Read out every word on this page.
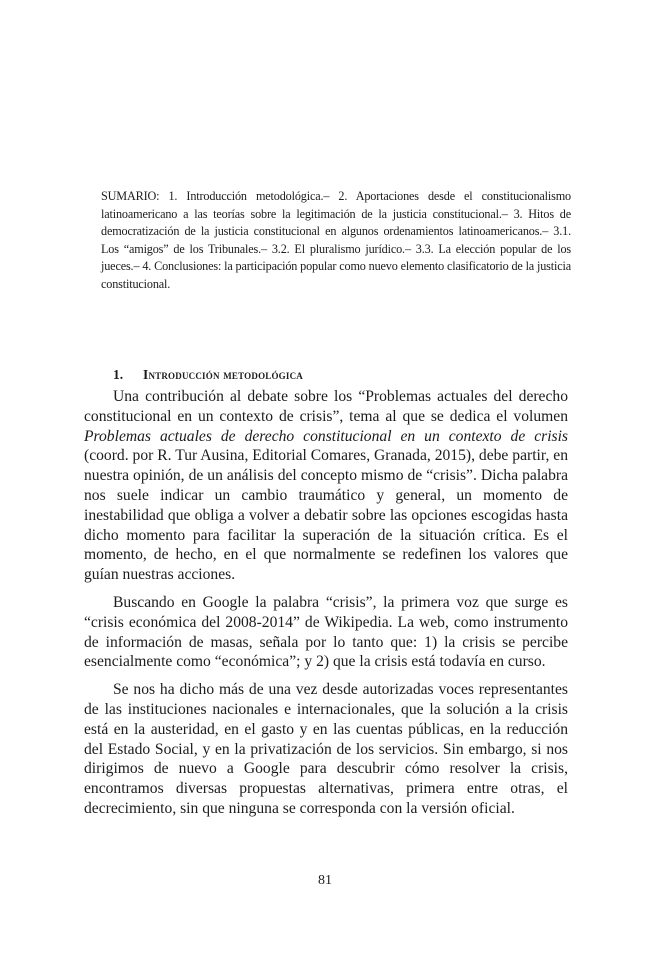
SUMARIO: 1. Introducción metodológica.– 2. Aportaciones desde el constitucionalismo latinoamericano a las teorías sobre la legitimación de la justicia constitucional.– 3. Hitos de democratización de la justicia constitucional en algunos ordenamientos latinoamericanos.– 3.1. Los “amigos” de los Tribunales.– 3.2. El pluralismo jurídico.– 3.3. La elección popular de los jueces.– 4. Conclusiones: la participación popular como nuevo elemento clasificatorio de la justicia constitucional.
1. Introducción metodológica

Una contribución al debate sobre los “Problemas actuales del derecho constitucional en un contexto de crisis”, tema al que se dedica el volumen Problemas actuales de derecho constitucional en un contexto de crisis (coord. por R. Tur Ausina, Editorial Comares, Granada, 2015), debe partir, en nuestra opinión, de un análisis del concepto mismo de “crisis”. Dicha palabra nos suele indicar un cambio traumático y general, un momento de inestabilidad que obliga a volver a debatir sobre las opciones escogidas hasta dicho momento para facilitar la superación de la situación crítica. Es el momento, de hecho, en el que normalmente se redefinen los valores que guían nuestras acciones.

Buscando en Google la palabra “crisis”, la primera voz que surge es “crisis económica del 2008-2014” de Wikipedia. La web, como instrumento de información de masas, señala por lo tanto que: 1) la crisis se percibe esencialmente como “económica”; y 2) que la crisis está todavía en curso.

Se nos ha dicho más de una vez desde autorizadas voces representantes de las instituciones nacionales e internacionales, que la solución a la crisis está en la austeridad, en el gasto y en las cuentas públicas, en la reducción del Estado Social, y en la privatización de los servicios. Sin embargo, si nos dirigimos de nuevo a Google para descubrir cómo resolver la crisis, encontramos diversas propuestas alternativas, primera entre otras, el decrecimiento, sin que ninguna se corresponda con la versión oficial.

81
